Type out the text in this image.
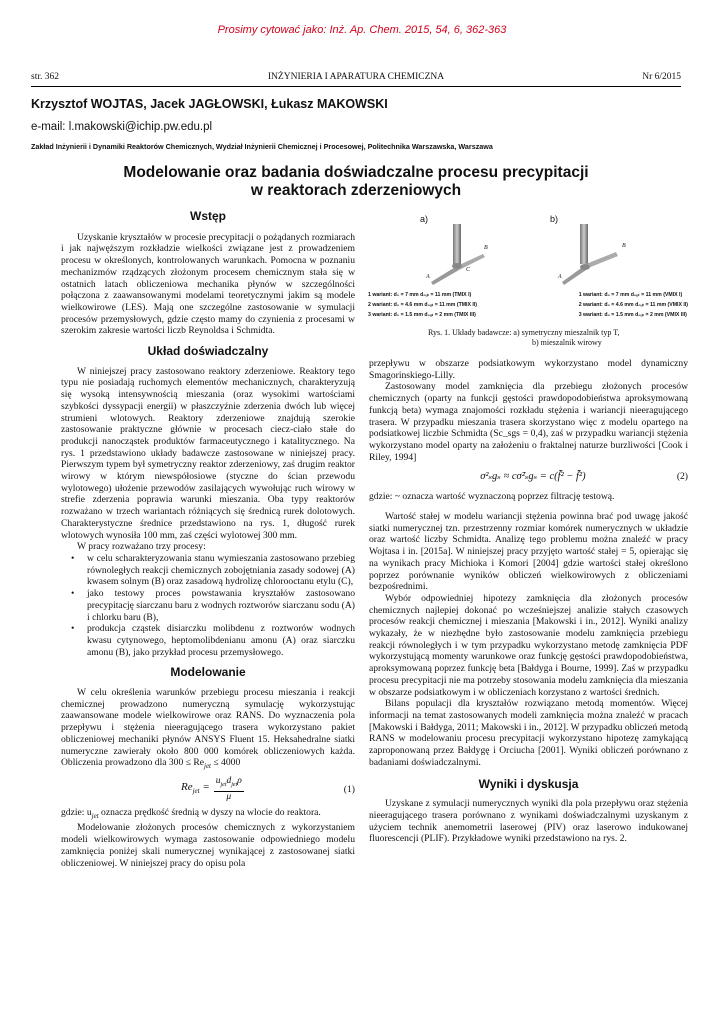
Prosimy cytować jako: Inż. Ap. Chem. 2015, 54, 6, 362-363
str. 362	INŻYNIERIA I APARATURA CHEMICZNA	Nr 6/2015
Krzysztof WOJTAS, Jacek JAGŁOWSKI, Łukasz MAKOWSKI
e-mail: l.makowski@ichip.pw.edu.pl
Zakład Inżynierii i Dynamiki Reaktorów Chemicznych, Wydział Inżynierii Chemicznej i Procesowej, Politechnika Warszawska, Warszawa
Modelowanie oraz badania doświadczalne procesu precypitacji
w reaktorach zderzeniowych
Wstęp

Uzyskanie kryształów w procesie precypitacji o pożądanych rozmiarach i jak najwęższym rozkładzie wielkości związane jest z prowadzeniem procesu w określonych, kontrolowanych warunkach. Pomocna w poznaniu mechanizmów rządzących złożonym procesem chemicznym stała się w ostatnich latach obliczeniowa mechanika płynów w szczególności połączona z zaawansowanymi modelami teoretycznymi jakim są modele wielkowirowe (LES). Mają one szczególne zastosowanie w symulacji procesów przemysłowych, gdzie często mamy do czynienia z procesami w szerokim zakresie wartości liczb Reynoldsa i Schmidta.

Układ doświadczalny

W niniejszej pracy zastosowano reaktory zderzeniowe. Reaktory tego typu nie posiadają ruchomych elementów mechanicznych, charakteryzują się wysoką intensywnością mieszania (oraz wysokimi wartościami szybkości dyssypacji energii) w płaszczyźnie zderzenia dwóch lub więcej strumieni wlotowych. Reaktory zderzeniowe znajdują szerokie zastosowanie praktyczne głównie w procesach ciecz-ciało stałe do produkcji nanocząstek produktów farmaceutycznego i katalitycznego. Na rys. 1 przedstawiono układy badawcze zastosowane w niniejszej pracy. Pierwszym typem był symetryczny reaktor zderzeniowy, zaś drugim reaktor wirowy w którym niewspółosiowe (styczne do ścian przewodu wylotowego) ułożenie przewodów zasilających wywołując ruch wirowy w strefie zderzenia poprawia warunki mieszania. Oba typy reaktorów rozważano w trzech wariantach różniących się średnicą rurek dolotowych. Charakterystyczne średnice przedstawiono na rys. 1, długość rurek wlotowych wynosiła 100 mm, zaś części wylotowej 300 mm.

W pracy rozważano trzy procesy:

• w celu scharakteryzowania stanu wymieszania zastosowano przebieg równoległych reakcji chemicznych zobojętniania zasady sodowej (A) kwasem solnym (B) oraz zasadową hydrolizę chlorooctanu etylu (C),
• jako testowy proces powstawania kryształów zastosowano precypitację siarczanu baru z wodnych roztworów siarczanu sodu (A) i chlorku baru (B),
• produkcja cząstek disiarczku molibdenu z roztworów wodnych kwasu cytynowego, heptomolibdenianu amonu (A) oraz siarczku amonu (B), jako przykład procesu przemysłowego.
Modelowanie

W celu określenia warunków przebiegu procesu mieszania i reakcji chemicznej prowadzono numeryczną symulację wykorzystując zaawansowane modele wielkowirowe oraz RANS. Do wyznaczenia pola przepływu i stężenia nieeragującego trasera wykorzystano pakiet obliczeniowej mechaniki płynów ANSYS Fluent 15. Heksahedralne siatki numeryczne zawierały około 800 000 komórek obliczeniowych każda. Obliczenia prowadzono dla $300 \le Re_{jet} \le 4000$

$Re_{jet}$ =
$u_{jet}d_{jet}\rho$
μ
(1)

gdzie: $u_{jet}$ oznacza prędkość średnią w dyszy na wlocie do reaktora.

Modelowanie złożonych procesów chemicznych z wykorzystaniem modeli wielkowirowych wymaga zastosowanie odpowiedniego modelu zamknięcia poniżej skali numerycznej wynikającej z zastosowanej siatki obliczeniowej. W niniejszej pracy do opisu pola

a)	b)
A
B
C
A
B
1 wariant: d₀ = 7 mm d₀ᵤₜ = 11 mm (TMIX I)
2 wariant: d₀ = 4.6 mm d₀ᵤₜ = 11 mm (TMIX II)
3 wariant: d₀ = 1.5 mm d₀ᵤₜ = 2 mm (TMIX III)
1 wariant: d₀ = 7 mm d₀ᵤₜ = 11 mm (VMIX I)
2 wariant: d₀ = 4.6 mm d₀ᵤₜ = 11 mm (VMIX II)
3 wariant: d₀ = 1.5 mm d₀ᵤₜ = 2 mm (VMIX III)
Rys. 1. Układy badawcze: a) symetryczny mieszalnik typ T,
b) mieszalnik wirowy

przepływu w obszarze podsiatkowym wykorzystano model dynamiczny Smagorinskiego-Lilly.

Zastosowany model zamknięcia dla przebiegu złożonych procesów chemicznych (oparty na funkcji gęstości prawdopodobieństwa aproksymowaną funkcją beta) wymaga znajomości rozkładu stężenia i wariancji nieeragującego trasera. W przypadku mieszania trasera skorzystano więc z modelu opartego na podsiatkowej liczbie Schmidta (Sc_sgs = 0,4), zaś w przypadku wariancji stężenia wykorzystano model oparty na założeniu o fraktalnej naturze burzliwości [Cook i Riley, 1994]

σ²ₛgₛ ≈ cσ̃²ₛgₛ = c(f̄̃² − f̃̄²)	(2)

gdzie: ~ oznacza wartość wyznaczoną poprzez filtrację testową.

Wartość stałej w modelu wariancji stężenia powinna brać pod uwagę jakość siatki numerycznej tzn. przestrzenny rozmiar komórek numerycznych w układzie oraz wartość liczby Schmidta. Analizę tego problemu można znaleźć w pracy Wojtasa i in. [2015a]. W niniejszej pracy przyjęto wartość stałej = 5, opierając się na wynikach pracy Michioka i Komori [2004] gdzie wartości stałej określono poprzez porównanie wyników obliczeń wielkowirowych z obliczeniami bezpośrednimi.

Wybór odpowiedniej hipotezy zamknięcia dla złożonych procesów chemicznych najlepiej dokonać po wcześniejszej analizie stałych czasowych procesów reakcji chemicznej i mieszania [Makowski i in., 2012]. Wyniki analizy wykazały, że w niezbędne było zastosowanie modelu zamknięcia przebiegu reakcji równoległych i w tym przypadku wykorzystano metodę zamknięcia PDF wykorzystującą momenty warunkowe oraz funkcję gęstości prawdopodobieństwa, aproksymowaną poprzez funkcję beta [Bałdyga i Bourne, 1999]. Zaś w przypadku procesu precypitacji nie ma potrzeby stosowania modelu zamknięcia dla mieszania w obszarze podsiatkowym i w obliczeniach korzystano z wartości średnich.

Bilans populacji dla kryształów rozwiązano metodą momentów. Więcej informacji na temat zastosowanych modeli zamknięcia można znaleźć w pracach [Makowski i Bałdyga, 2011; Makowski i in., 2012]. W przypadku obliczeń metodą RANS w modelowaniu procesu precypitacji wykorzystano hipotezę zamykającą zaproponowaną przez Bałdygę i Orciucha [2001]. Wyniki obliczeń porównano z badaniami doświadczalnymi.

Wyniki i dyskusja

Uzyskane z symulacji numerycznych wyniki dla pola przepływu oraz stężenia nieeragującego trasera porównano z wynikami doświadczalnymi uzyskanym z użyciem technik anemometrii laserowej (PIV) oraz laserowo indukowanej fluorescencji (PLIF). Przykładowe wyniki przedstawiono na rys. 2.
